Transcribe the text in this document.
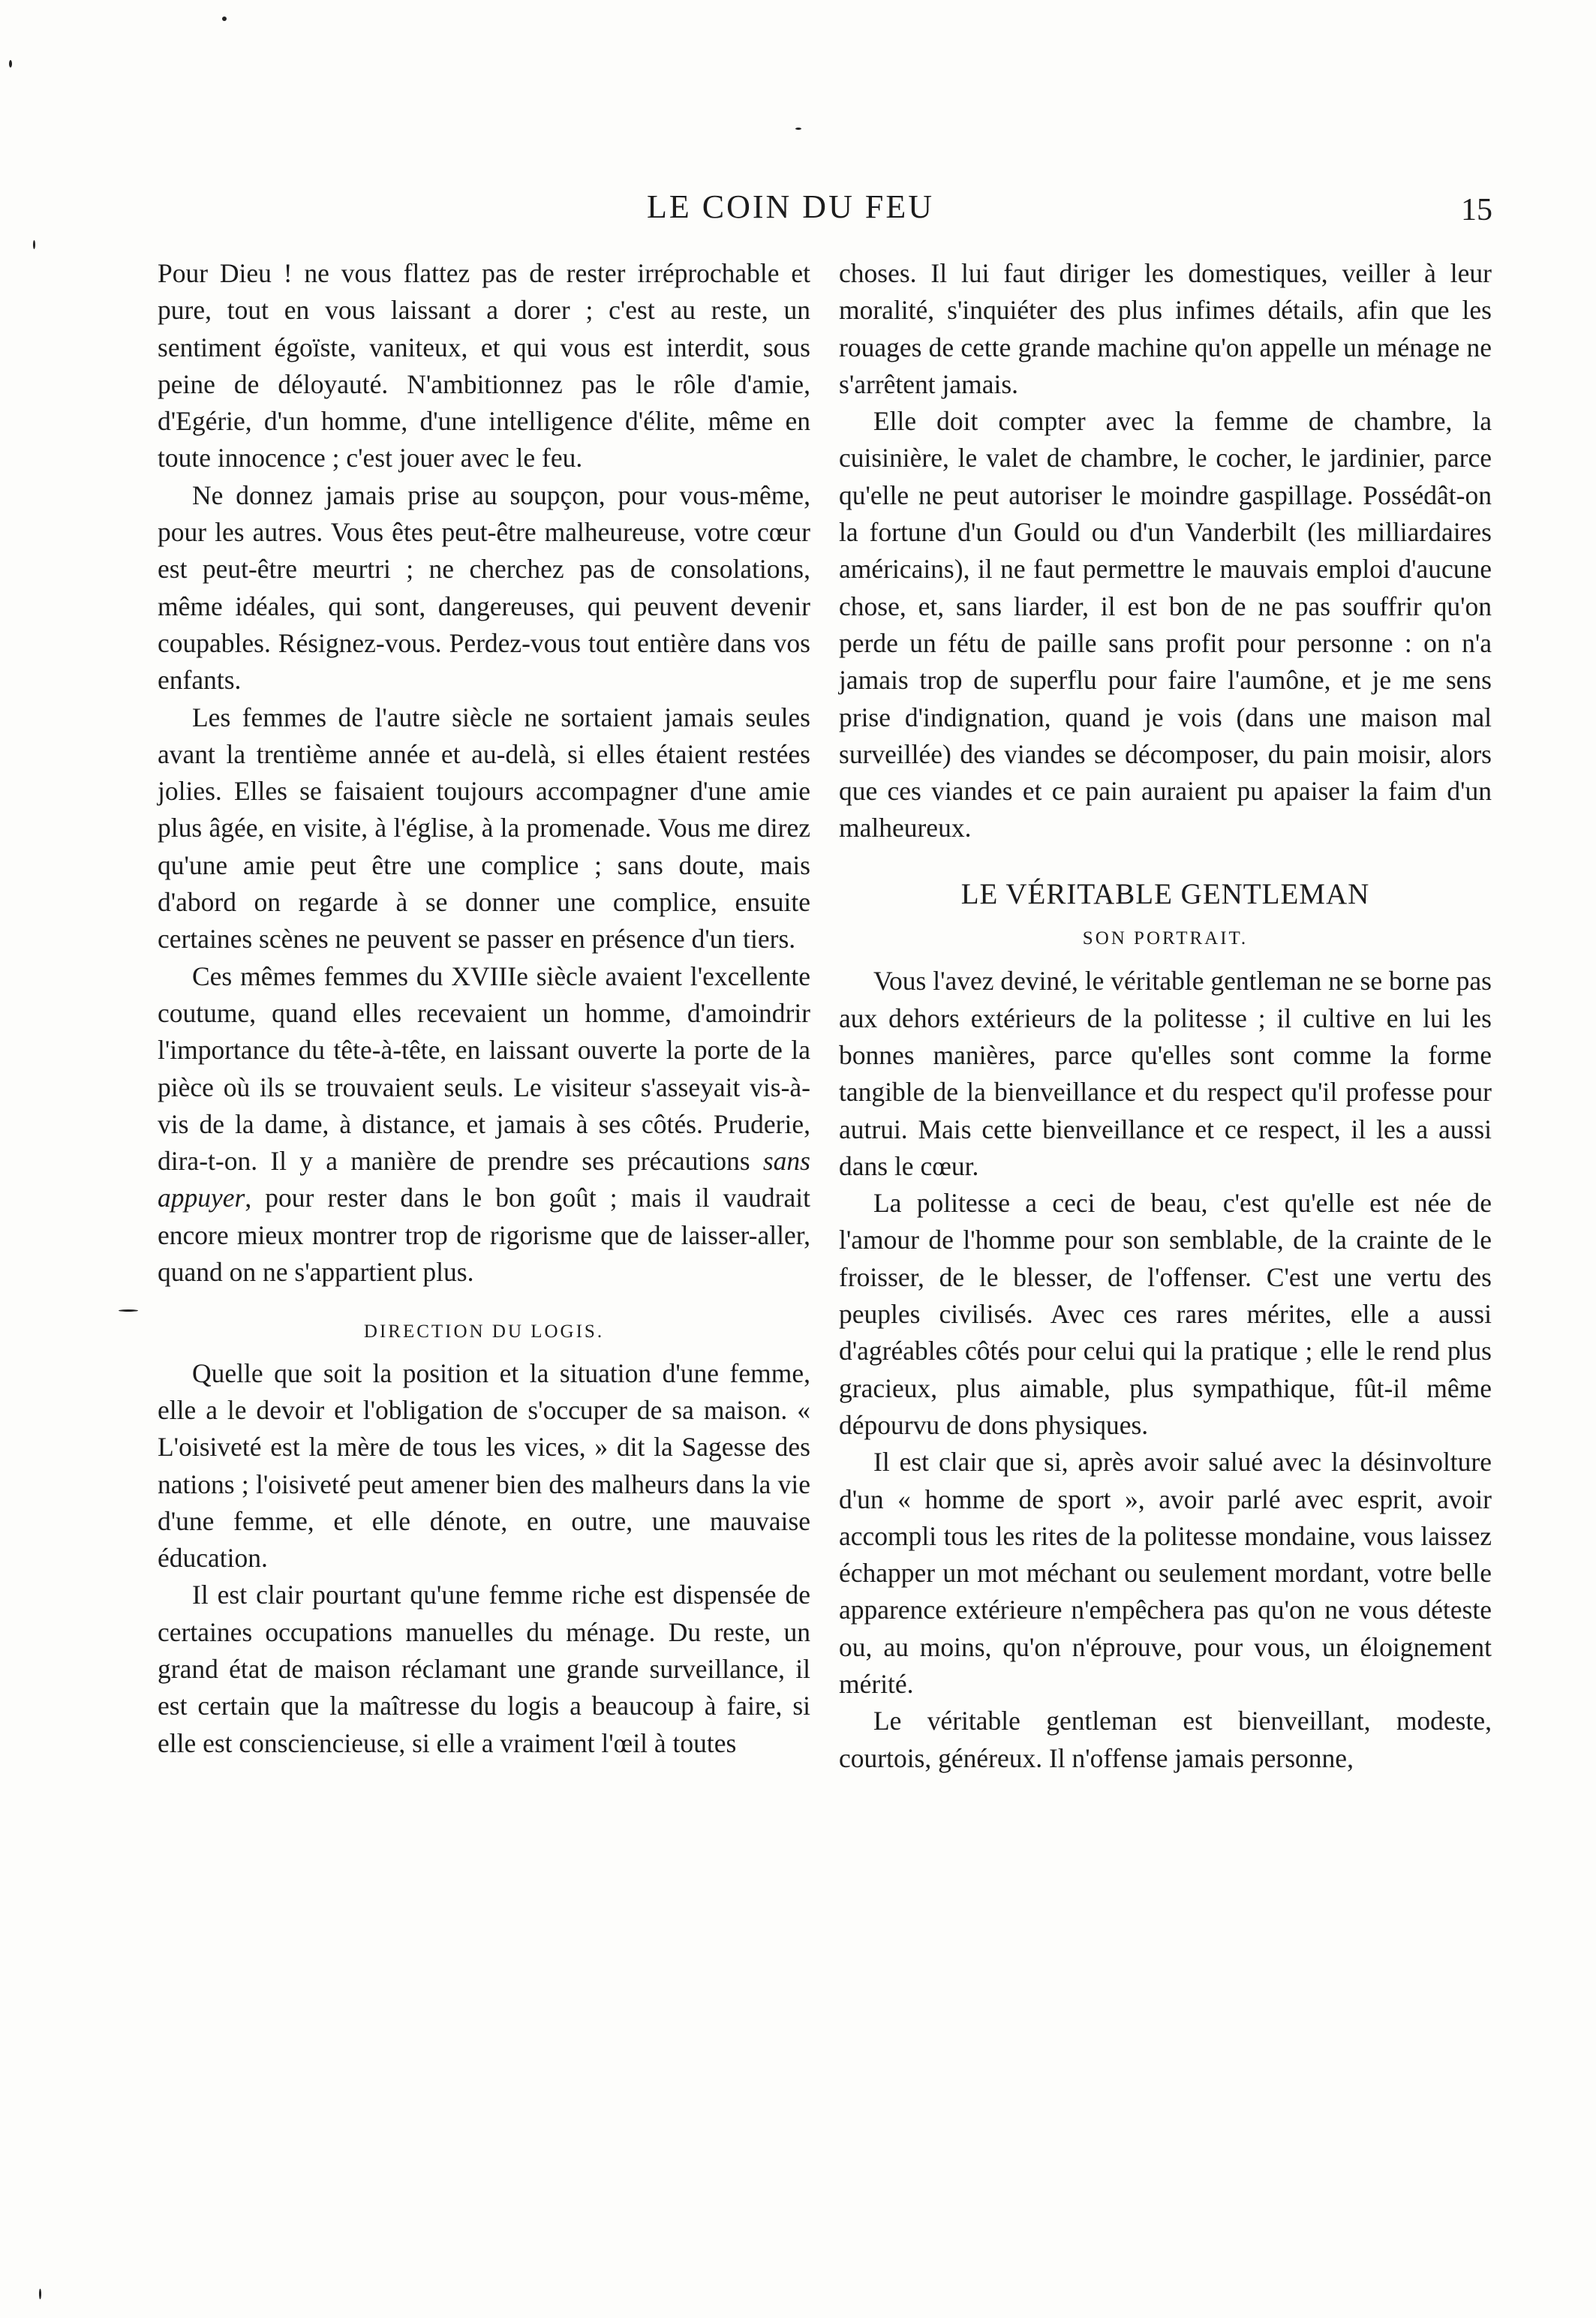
LE COIN DU FEU	15

Pour Dieu ! ne vous flattez pas de rester irréprochable et pure, tout en vous laissant a dorer ; c'est au reste, un sentiment égoïste, vaniteux, et qui vous est interdit, sous peine de déloyauté. N'ambitionnez pas le rôle d'amie, d'Egérie, d'un homme, d'une intelligence d'élite, même en toute innocence ; c'est jouer avec le feu.

Ne donnez jamais prise au soupçon, pour vous-même, pour les autres. Vous êtes peut-être malheureuse, votre cœur est peut-être meurtri ; ne cherchez pas de consolations, même idéales, qui sont, dangereuses, qui peuvent devenir coupables. Résignez-vous. Perdez-vous tout entière dans vos enfants.

Les femmes de l'autre siècle ne sortaient jamais seules avant la trentième année et au-delà, si elles étaient restées jolies. Elles se faisaient toujours accompagner d'une amie plus âgée, en visite, à l'église, à la promenade. Vous me direz qu'une amie peut être une complice ; sans doute, mais d'abord on regarde à se donner une complice, ensuite certaines scènes ne peuvent se passer en présence d'un tiers.

Ces mêmes femmes du XVIIIe siècle avaient l'excellente coutume, quand elles recevaient un homme, d'amoindrir l'importance du tête-à-tête, en laissant ouverte la porte de la pièce où ils se trouvaient seuls. Le visiteur s'asseyait vis-à-vis de la dame, à distance, et jamais à ses côtés. Pruderie, dira-t-on. Il y a manière de prendre ses précautions sans appuyer, pour rester dans le bon goût ; mais il vaudrait encore mieux montrer trop de rigorisme que de laisser-aller, quand on ne s'appartient plus.

DIRECTION DU LOGIS.

Quelle que soit la position et la situation d'une femme, elle a le devoir et l'obligation de s'occuper de sa maison. « L'oisiveté est la mère de tous les vices, » dit la Sagesse des nations ; l'oisiveté peut amener bien des malheurs dans la vie d'une femme, et elle dénote, en outre, une mauvaise éducation.

Il est clair pourtant qu'une femme riche est dispensée de certaines occupations manuelles du ménage. Du reste, un grand état de maison réclamant une grande surveillance, il est certain que la maîtresse du logis a beaucoup à faire, si elle est consciencieuse, si elle a vraiment l'œil à toutes

choses. Il lui faut diriger les domestiques, veiller à leur moralité, s'inquiéter des plus infimes détails, afin que les rouages de cette grande machine qu'on appelle un ménage ne s'arrêtent jamais.

Elle doit compter avec la femme de chambre, la cuisinière, le valet de chambre, le cocher, le jardinier, parce qu'elle ne peut autoriser le moindre gaspillage. Possédât-on la fortune d'un Gould ou d'un Vanderbilt (les milliardaires américains), il ne faut permettre le mauvais emploi d'aucune chose, et, sans liarder, il est bon de ne pas souffrir qu'on perde un fétu de paille sans profit pour personne : on n'a jamais trop de superflu pour faire l'aumône, et je me sens prise d'indignation, quand je vois (dans une maison mal surveillée) des viandes se décomposer, du pain moisir, alors que ces viandes et ce pain auraient pu apaiser la faim d'un malheureux.

LE VÉRITABLE GENTLEMAN
SON PORTRAIT.

Vous l'avez deviné, le véritable gentleman ne se borne pas aux dehors extérieurs de la politesse ; il cultive en lui les bonnes manières, parce qu'elles sont comme la forme tangible de la bienveillance et du respect qu'il professe pour autrui. Mais cette bienveillance et ce respect, il les a aussi dans le cœur.

La politesse a ceci de beau, c'est qu'elle est née de l'amour de l'homme pour son semblable, de la crainte de le froisser, de le blesser, de l'offenser. C'est une vertu des peuples civilisés. Avec ces rares mérites, elle a aussi d'agréables côtés pour celui qui la pratique ; elle le rend plus gracieux, plus aimable, plus sympathique, fût-il même dépourvu de dons physiques.

Il est clair que si, après avoir salué avec la désinvolture d'un « homme de sport », avoir parlé avec esprit, avoir accompli tous les rites de la politesse mondaine, vous laissez échapper un mot méchant ou seulement mordant, votre belle apparence extérieure n'empêchera pas qu'on ne vous déteste ou, au moins, qu'on n'éprouve, pour vous, un éloignement mérité.

Le véritable gentleman est bienveillant, modeste, courtois, généreux. Il n'offense jamais personne,
